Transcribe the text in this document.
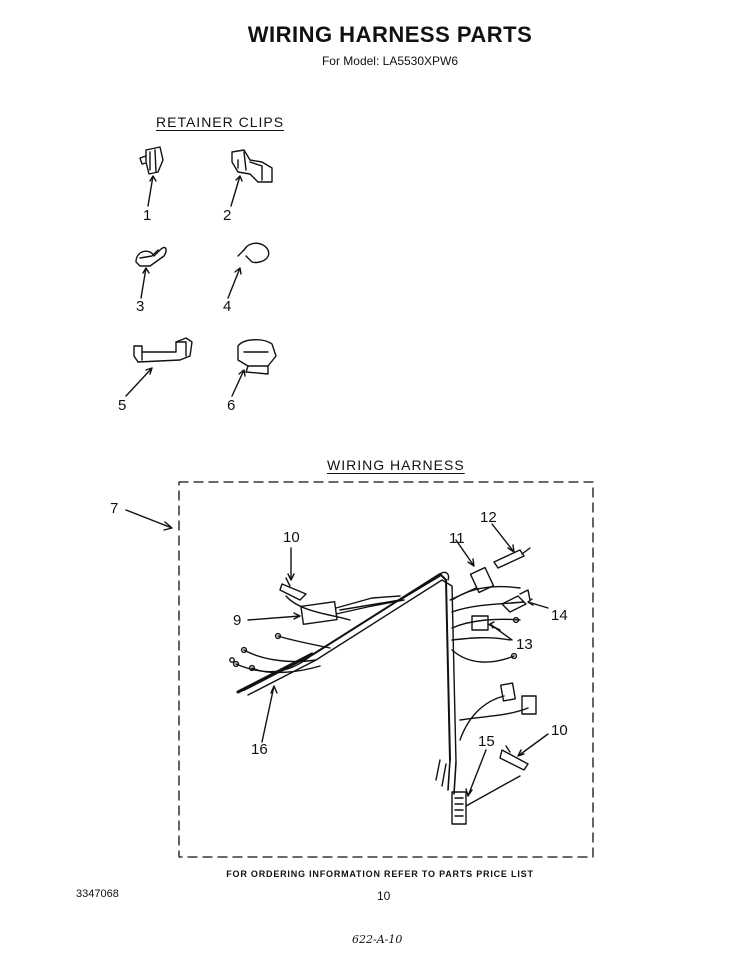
WIRING HARNESS PARTS
For Model: LA5530XPW6
RETAINER CLIPS
WIRING HARNESS
1	2
3	4
5	6
7
9
10	11
12
14
13
10
15
16
FOR ORDERING INFORMATION REFER TO PARTS PRICE LIST
3347068	10
622-A-10
